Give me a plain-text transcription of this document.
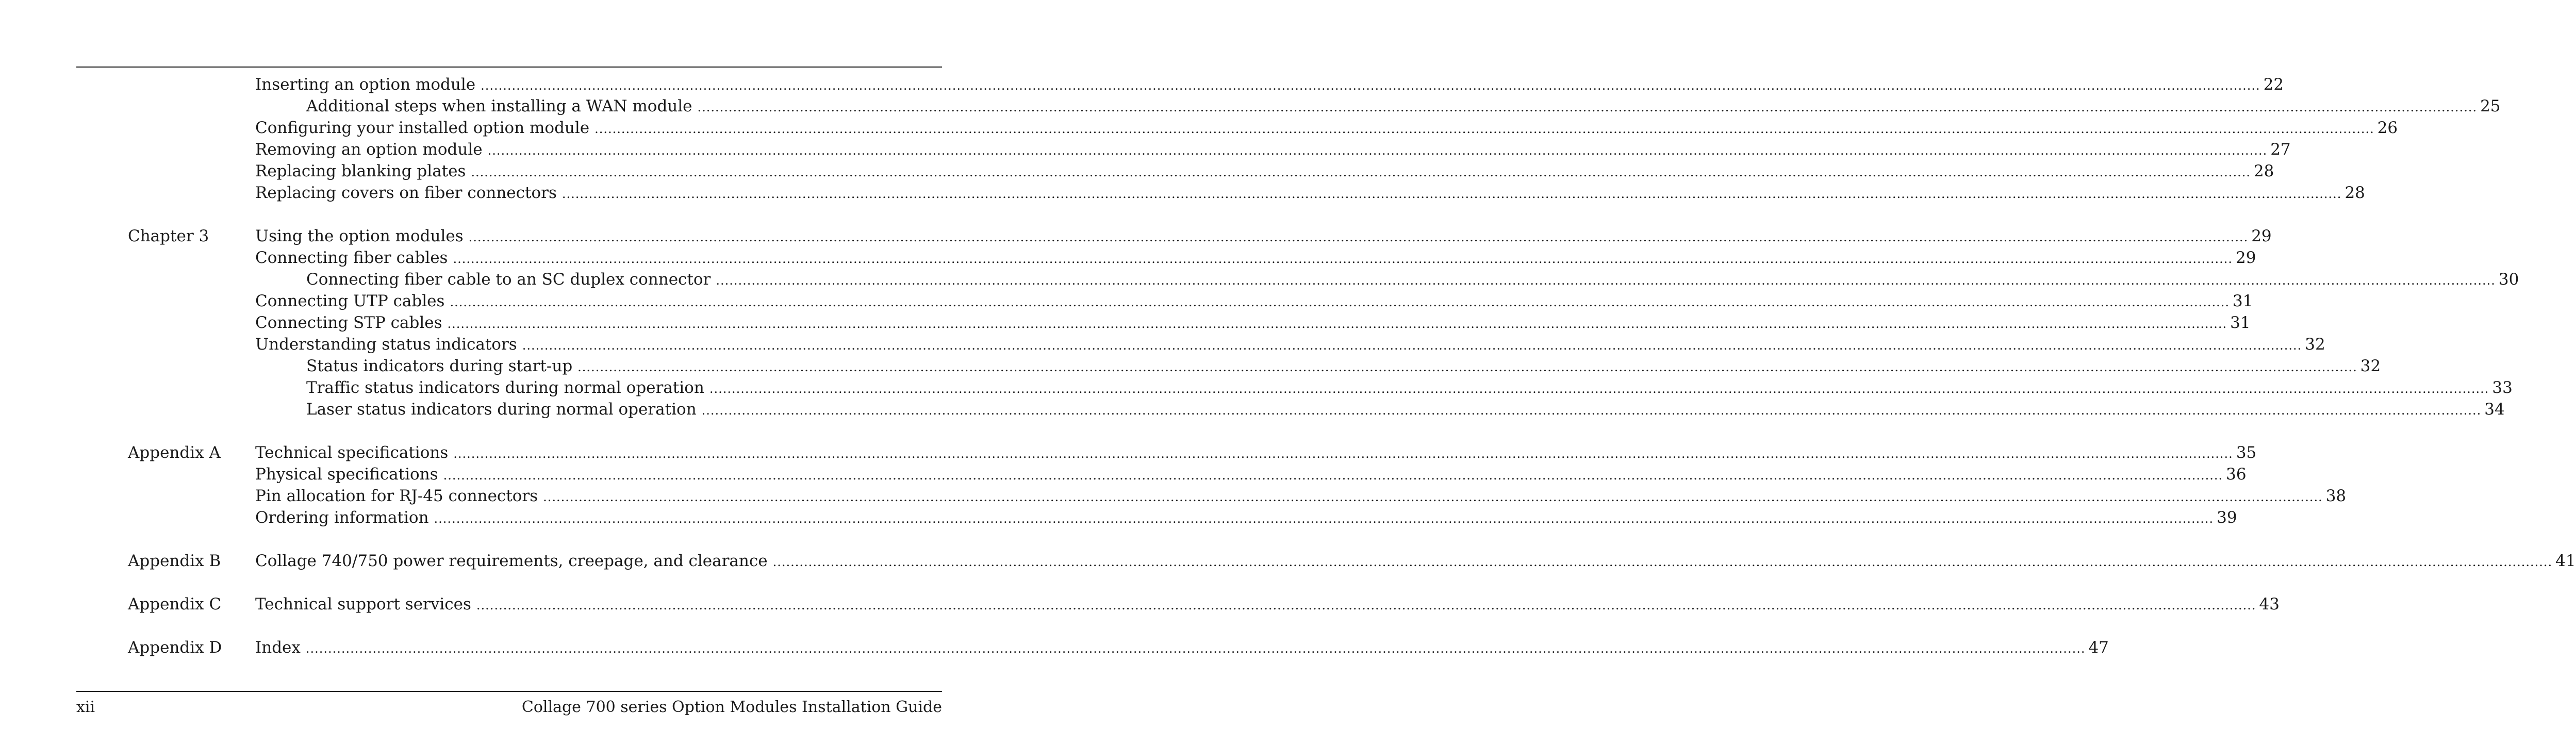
Inserting an option module ................................................................................................................................................................................................................................................................................................................................................................................................................ 22
Additional steps when installing a WAN module ................................................................................................................................................................................................................................................................................................................................................................................................................ 25
Configuring your installed option module ................................................................................................................................................................................................................................................................................................................................................................................................................ 26
Removing an option module ................................................................................................................................................................................................................................................................................................................................................................................................................ 27
Replacing blanking plates ................................................................................................................................................................................................................................................................................................................................................................................................................ 28
Replacing covers on fiber connectors ................................................................................................................................................................................................................................................................................................................................................................................................................ 28
Chapter 3	Using the option modules ................................................................................................................................................................................................................................................................................................................................................................................................................ 29
Connecting fiber cables ................................................................................................................................................................................................................................................................................................................................................................................................................ 29
Connecting fiber cable to an SC duplex connector ................................................................................................................................................................................................................................................................................................................................................................................................................ 30
Connecting UTP cables ................................................................................................................................................................................................................................................................................................................................................................................................................ 31
Connecting STP cables ................................................................................................................................................................................................................................................................................................................................................................................................................ 31
Understanding status indicators ................................................................................................................................................................................................................................................................................................................................................................................................................ 32
Status indicators during start-up ................................................................................................................................................................................................................................................................................................................................................................................................................ 32
Traffic status indicators during normal operation ................................................................................................................................................................................................................................................................................................................................................................................................................ 33
Laser status indicators during normal operation ................................................................................................................................................................................................................................................................................................................................................................................................................ 34
Appendix A Technical specifications ................................................................................................................................................................................................................................................................................................................................................................................................................ 35
Physical specifications ................................................................................................................................................................................................................................................................................................................................................................................................................ 36
Pin allocation for RJ-45 connectors ................................................................................................................................................................................................................................................................................................................................................................................................................ 38
Ordering information ................................................................................................................................................................................................................................................................................................................................................................................................................ 39
Appendix B Collage 740/750 power requirements, creepage, and clearance ................................................................................................................................................................................................................................................................................................................................................................................................................ 41
Appendix C Technical support services ................................................................................................................................................................................................................................................................................................................................................................................................................ 43
Appendix D Index ................................................................................................................................................................................................................................................................................................................................................................................................................ 47
xii	Collage 700 series Option Modules Installation Guide
